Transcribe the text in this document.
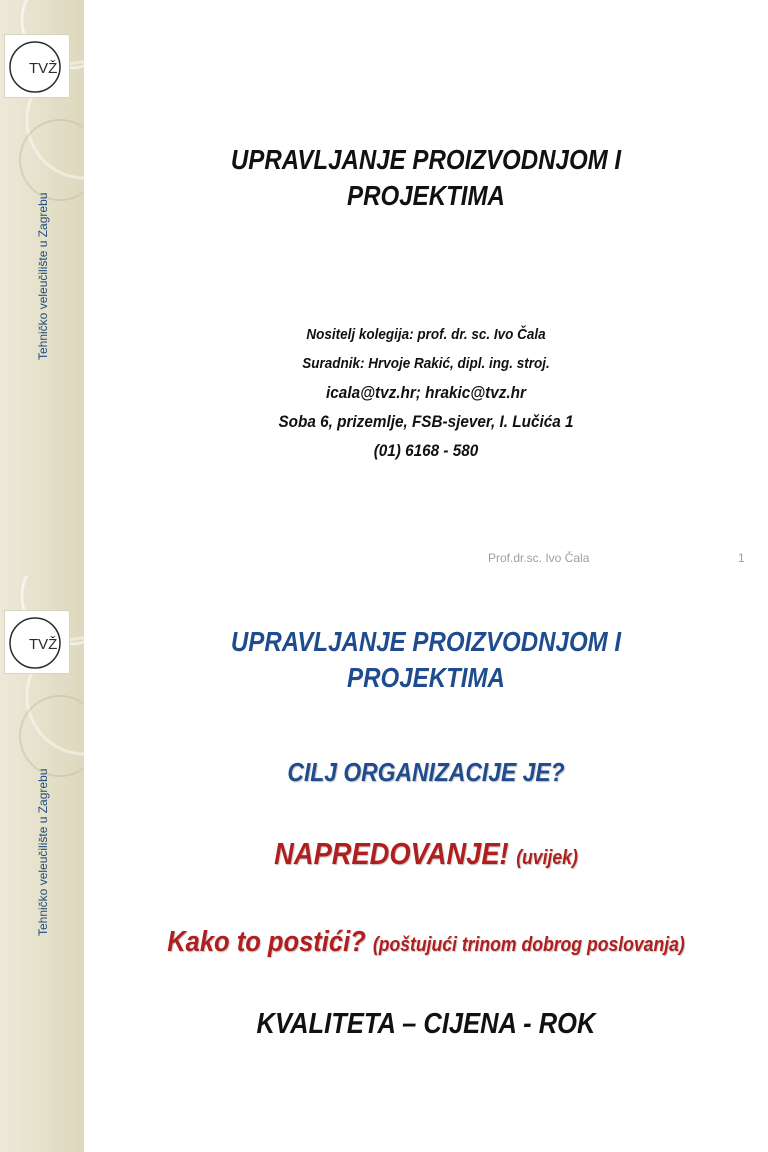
TVŽ
Tehničko veleučilište u Zagrebu
UPRAVLJANJE PROIZVODNJOM I
PROJEKTIMA
Nositelj kolegija: prof. dr. sc. Ivo Čala
Suradnik: Hrvoje Rakić, dipl. ing. stroj.
icala@tvz.hr; hrakic@tvz.hr
Soba 6, prizemlje, FSB-sjever, I. Lučića 1
(01) 6168 - 580
Prof.dr.sc. Ivo Čala	1
TVŽ
Tehničko veleučilište u Zagrebu
UPRAVLJANJE PROIZVODNJOM I
PROJEKTIMA
CILJ ORGANIZACIJE JE?
NAPREDOVANJE! (uvijek)
Kako to postići? (poštujući trinom dobrog poslovanja)
KVALITETA – CIJENA - ROK
